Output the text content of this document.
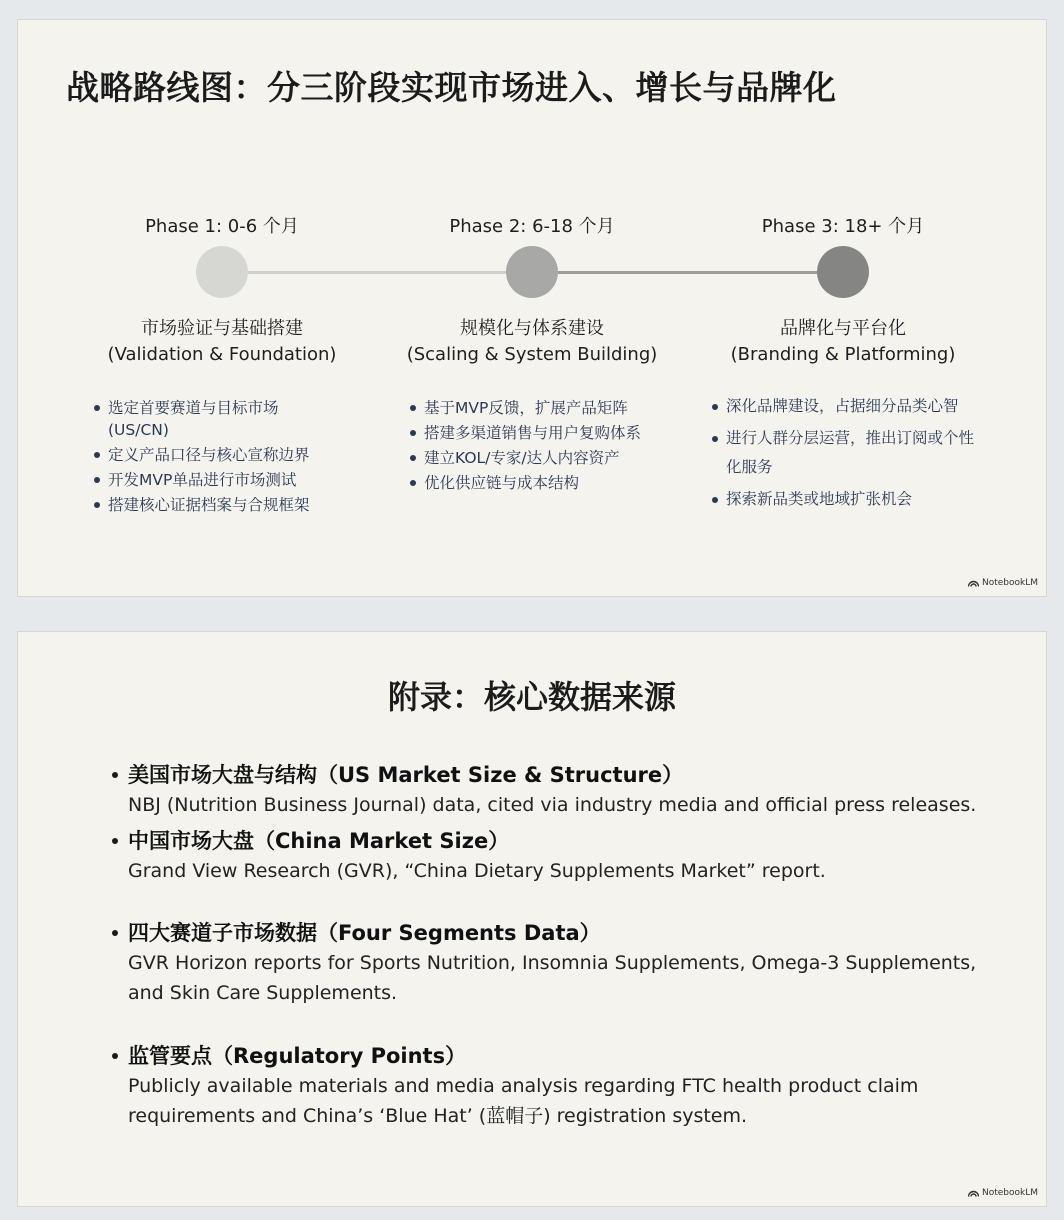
战略路线图：分三阶段实现市场进入、增长与品牌化
Phase 1: 0-6 个月
市场验证与基础搭建
(Validation & Foundation)
选定首要赛道与目标市场 (US/CN)
定义产品口径与核心宣称边界
开发MVP单品进行市场测试
搭建核心证据档案与合规框架
Phase 2: 6-18 个月
规模化与体系建设
(Scaling & System Building)
基于MVP反馈，扩展产品矩阵
搭建多渠道销售与用户复购体系
建立KOL/专家/达人内容资产
优化供应链与成本结构
Phase 3: 18+ 个月
品牌化与平台化
(Branding & Platforming)
深化品牌建设，占据细分品类心智
进行人群分层运营，推出订阅或个性化服务
探索新品类或地域扩张机会
NotebookLM
附录：核心数据来源
美国市场大盘与结构（US Market Size & Structure）
NBJ (Nutrition Business Journal) data, cited via industry media and official press releases.
中国市场大盘（China Market Size）
Grand View Research (GVR), “China Dietary Supplements Market” report.
四大赛道子市场数据（Four Segments Data）
GVR Horizon reports for Sports Nutrition, Insomnia Supplements, Omega-3 Supplements, and Skin Care Supplements.
监管要点（Regulatory Points）
Publicly available materials and media analysis regarding FTC health product claim requirements and China’s ‘Blue Hat’ (蓝帽子) registration system.
NotebookLM
